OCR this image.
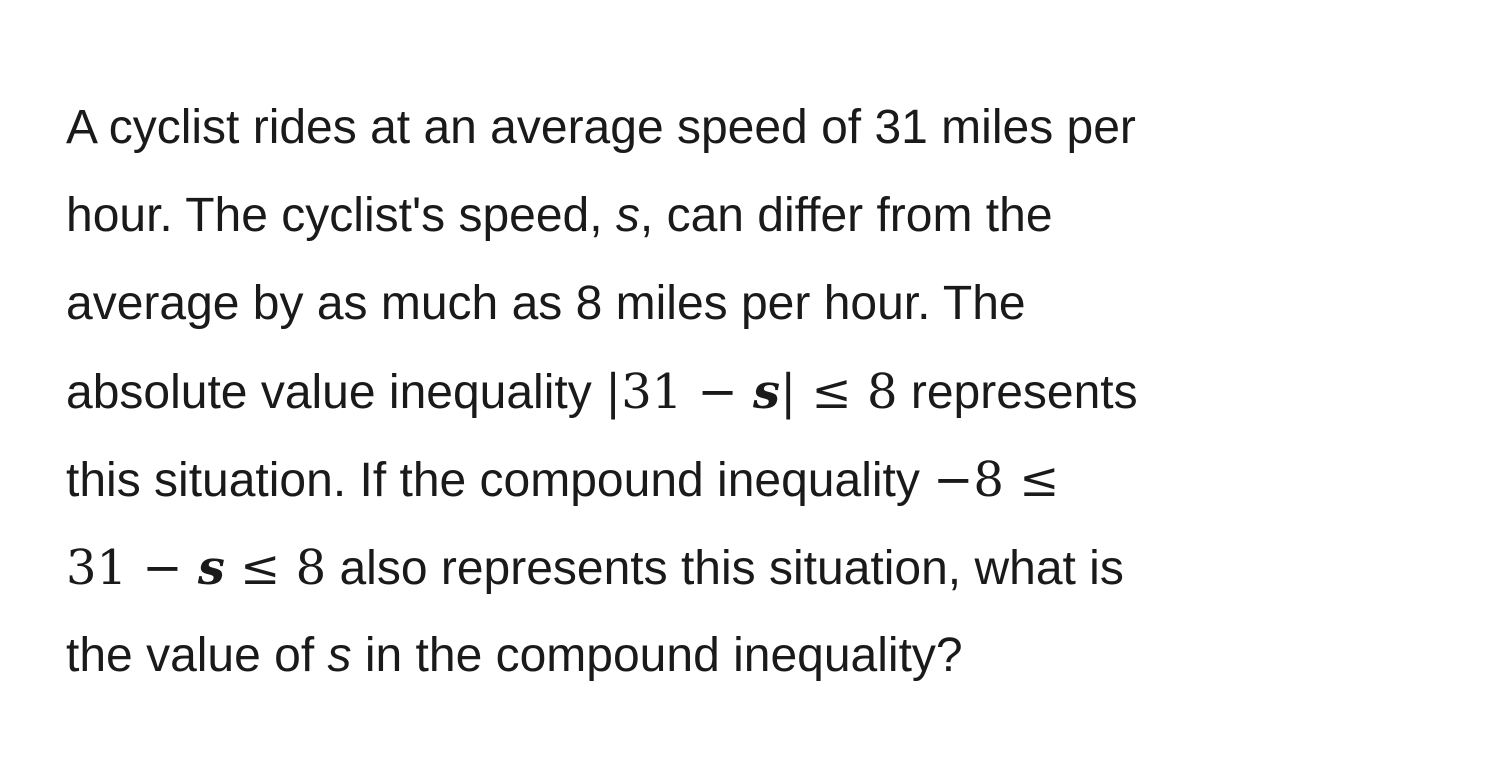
A cyclist rides at an average speed of 31 miles per
hour. The cyclist's speed, s, can differ from the
average by as much as 8 miles per hour. The
absolute value inequality |31 − s| ≤ 8 represents
this situation. If the compound inequality −8 ≤
31 − s ≤ 8 also represents this situation, what is
the value of s in the compound inequality?
